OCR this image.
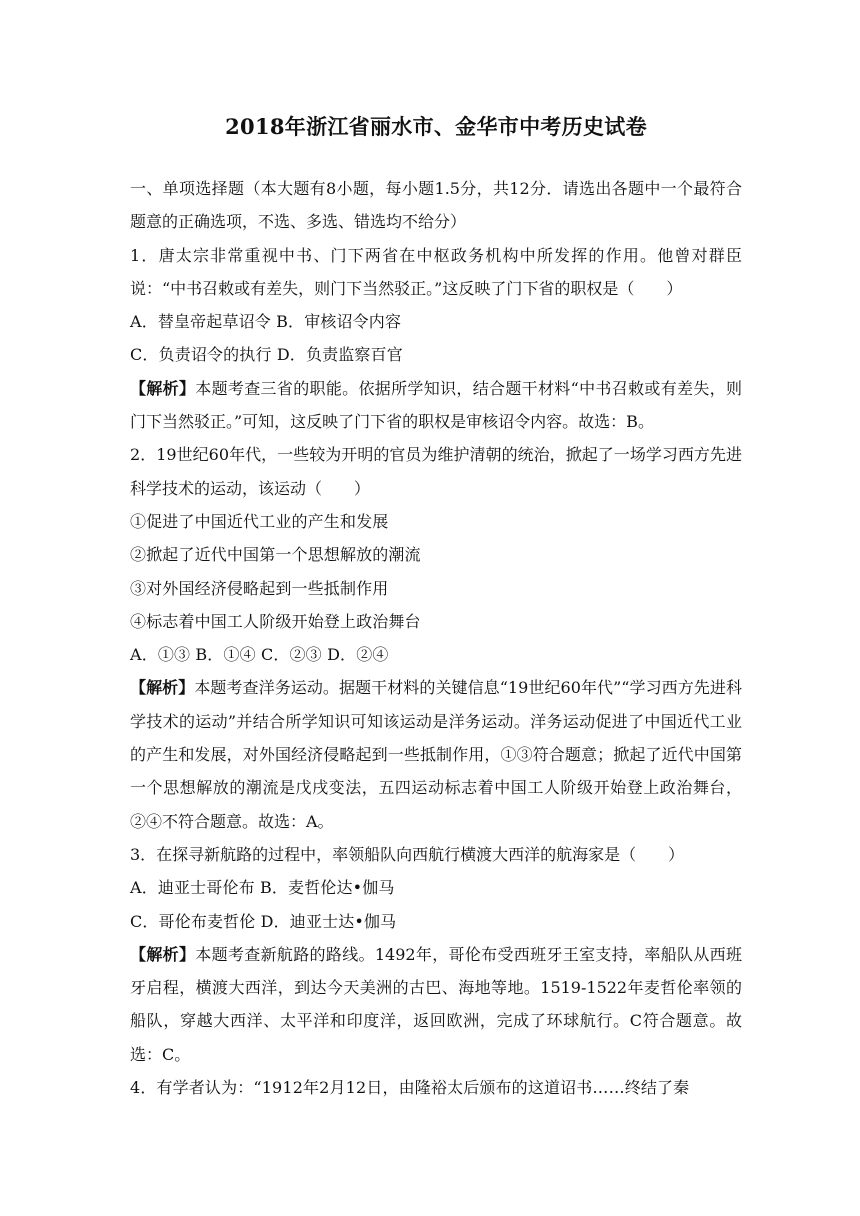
2018年浙江省丽水市、金华市中考历史试卷

一、单项选择题（本大题有8小题，每小题1.5分，共12分．请选出各题中一个最符合题意的正确选项，不选、多选、错选均不给分）

1．唐太宗非常重视中书、门下两省在中枢政务机构中所发挥的作用。他曾对群臣说：“中书召敕或有差失，则门下当然驳正。”这反映了门下省的职权是（　　）

A．替皇帝起草诏令 B．审核诏令内容
C．负责诏令的执行 D．负责监察百官

【解析】本题考查三省的职能。依据所学知识，结合题干材料“中书召敕或有差失，则门下当然驳正。”可知，这反映了门下省的职权是审核诏令内容。故选：B。

2．19世纪60年代，一些较为开明的官员为维护清朝的统治，掀起了一场学习西方先进科学技术的运动，该运动（　　）

①促进了中国近代工业的产生和发展
②掀起了近代中国第一个思想解放的潮流
③对外国经济侵略起到一些抵制作用
④标志着中国工人阶级开始登上政治舞台
A．①③ B．①④ C．②③ D．②④

【解析】本题考查洋务运动。据题干材料的关键信息“19世纪60年代”“学习西方先进科学技术的运动”并结合所学知识可知该运动是洋务运动。洋务运动促进了中国近代工业的产生和发展，对外国经济侵略起到一些抵制作用，①③符合题意；掀起了近代中国第一个思想解放的潮流是戊戌变法，五四运动标志着中国工人阶级开始登上政治舞台，②④不符合题意。故选：A。

3．在探寻新航路的过程中，率领船队向西航行横渡大西洋的航海家是（　　）

A．迪亚士哥伦布 B．麦哲伦达•伽马
C．哥伦布麦哲伦 D．迪亚士达•伽马

【解析】本题考查新航路的路线。1492年，哥伦布受西班牙王室支持，率船队从西班牙启程，横渡大西洋，到达今天美洲的古巴、海地等地。1519-1522年麦哲伦率领的船队，穿越大西洋、太平洋和印度洋，返回欧洲，完成了环球航行。C符合题意。故选：C。

4．有学者认为：“1912年2月12日，由隆裕太后颁布的这道诏书……终结了秦
